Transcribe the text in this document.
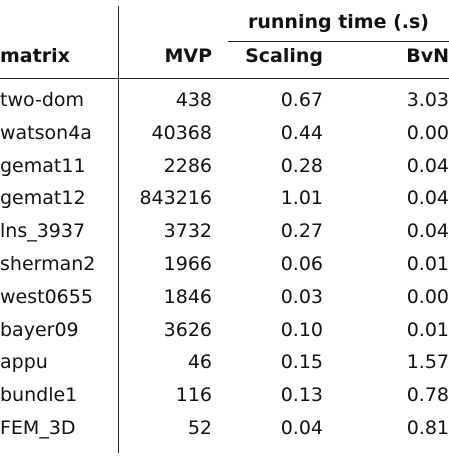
running time (.s)
matrix	MVP	Scaling	BvN
two-dom	438	0.67	3.03
watson4a	40368	0.44	0.00
gemat11	2286	0.28	0.04
gemat12	843216	1.01	0.04
lns_3937	3732	0.27	0.04
sherman2	1966	0.06	0.01
west0655	1846	0.03	0.00
bayer09	3626	0.10	0.01
appu	46	0.15	1.57
bundle1	116	0.13	0.78
FEM_3D	52	0.04	0.81
